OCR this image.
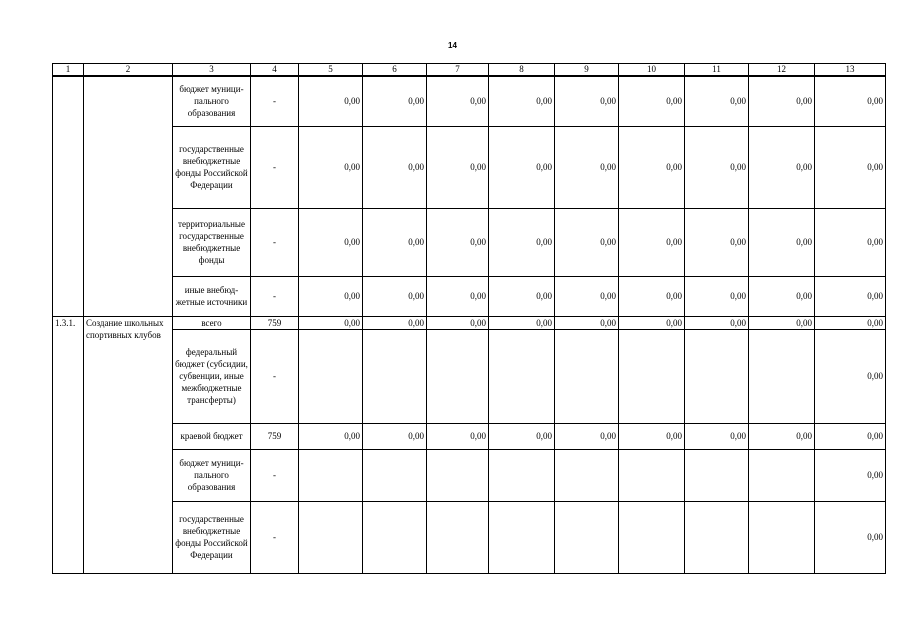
14
1	2	3	4	5	6	7	8	9	10	11	12	13
		бюджет муниципального образования	-	0,00	0,00	0,00	0,00	0,00	0,00	0,00	0,00	0,00
		государственные внебюджетные фонды Российской Федерации	-	0,00	0,00	0,00	0,00	0,00	0,00	0,00	0,00	0,00
		территориальные государственные внебюджетные фонды	-	0,00	0,00	0,00	0,00	0,00	0,00	0,00	0,00	0,00
		иные внебюджетные источники	-	0,00	0,00	0,00	0,00	0,00	0,00	0,00	0,00	0,00
1.3.1.	Создание школьных спортивных клубов	всего	759	0,00	0,00	0,00	0,00	0,00	0,00	0,00	0,00	0,00
		федеральный бюджет (субсидии, субвенции, иные межбюджетные трансферты)	-									0,00
		краевой бюджет	759	0,00	0,00	0,00	0,00	0,00	0,00	0,00	0,00	0,00
		бюджет муниципального образования	-									0,00
		государственные внебюджетные фонды Российской Федерации	-									0,00
